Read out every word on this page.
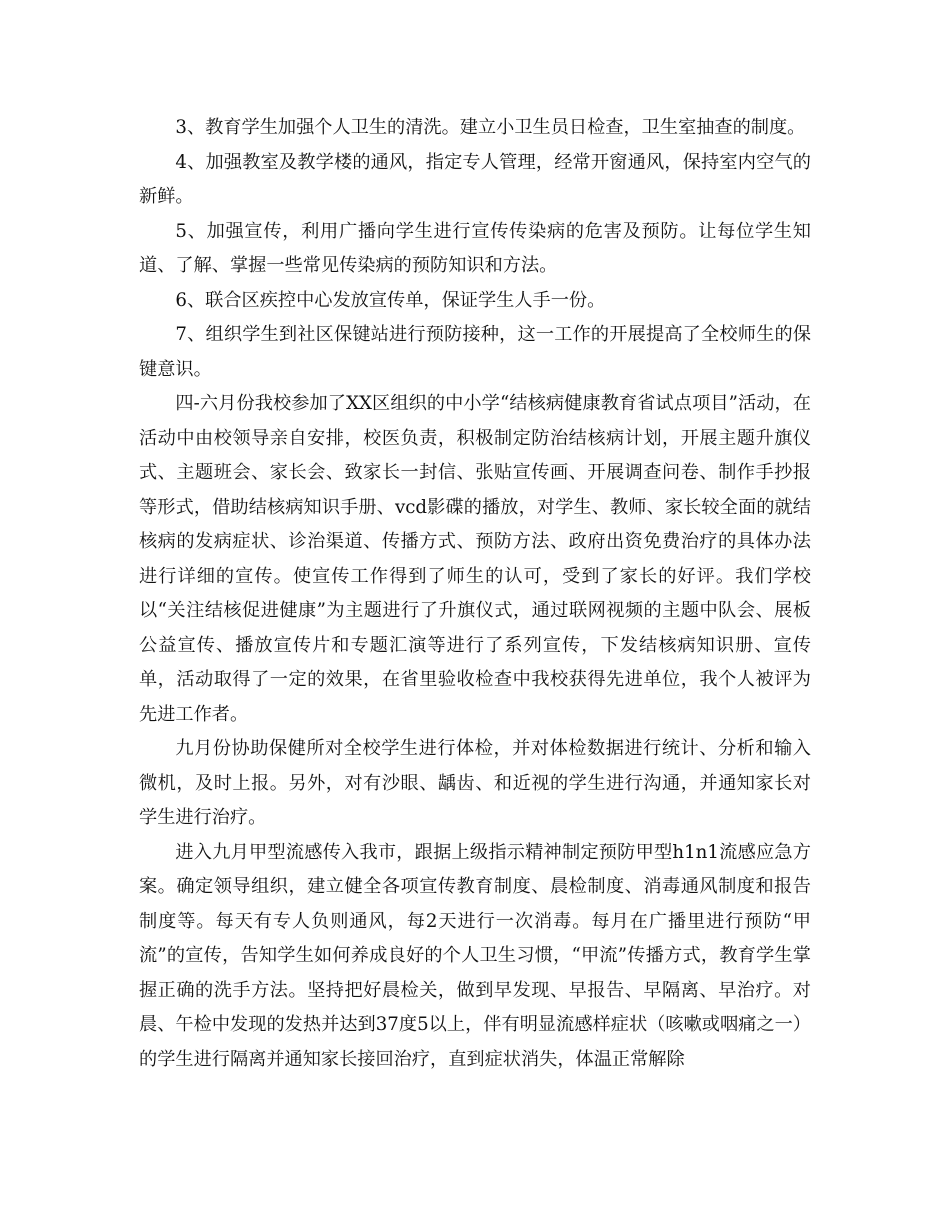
3、教育学生加强个人卫生的清洗。建立小卫生员日检查，卫生室抽查的制度。

4、加强教室及教学楼的通风，指定专人管理，经常开窗通风，保持室内空气的新鲜。

5、加强宣传，利用广播向学生进行宣传传染病的危害及预防。让每位学生知道、了解、掌握一些常见传染病的预防知识和方法。

6、联合区疾控中心发放宣传单，保证学生人手一份。

7、组织学生到社区保键站进行预防接种，这一工作的开展提高了全校师生的保键意识。

四-六月份我校参加了XX区组织的中小学“结核病健康教育省试点项目”活动，在活动中由校领导亲自安排，校医负责，积极制定防治结核病计划，开展主题升旗仪式、主题班会、家长会、致家长一封信、张贴宣传画、开展调查问卷、制作手抄报等形式，借助结核病知识手册、vcd影碟的播放，对学生、教师、家长较全面的就结核病的发病症状、诊治渠道、传播方式、预防方法、政府出资免费治疗的具体办法进行详细的宣传。使宣传工作得到了师生的认可，受到了家长的好评。我们学校以“关注结核促进健康”为主题进行了升旗仪式，通过联网视频的主题中队会、展板公益宣传、播放宣传片和专题汇演等进行了系列宣传，下发结核病知识册、宣传单，活动取得了一定的效果，在省里验收检查中我校获得先进单位，我个人被评为先进工作者。

九月份协助保健所对全校学生进行体检，并对体检数据进行统计、分析和输入微机，及时上报。另外，对有沙眼、龋齿、和近视的学生进行沟通，并通知家长对学生进行治疗。

进入九月甲型流感传入我市，跟据上级指示精神制定预防甲型h1n1流感应急方案。确定领导组织，建立健全各项宣传教育制度、晨检制度、消毒通风制度和报告制度等。每天有专人负则通风，每2天进行一次消毒。每月在广播里进行预防“甲流”的宣传，告知学生如何养成良好的个人卫生习惯，“甲流”传播方式，教育学生掌握正确的洗手方法。坚持把好晨检关，做到早发现、早报告、早隔离、早治疗。对晨、午检中发现的发热并达到37度5以上，伴有明显流感样症状（咳嗽或咽痛之一）的学生进行隔离并通知家长接回治疗，直到症状消失，体温正常解除
